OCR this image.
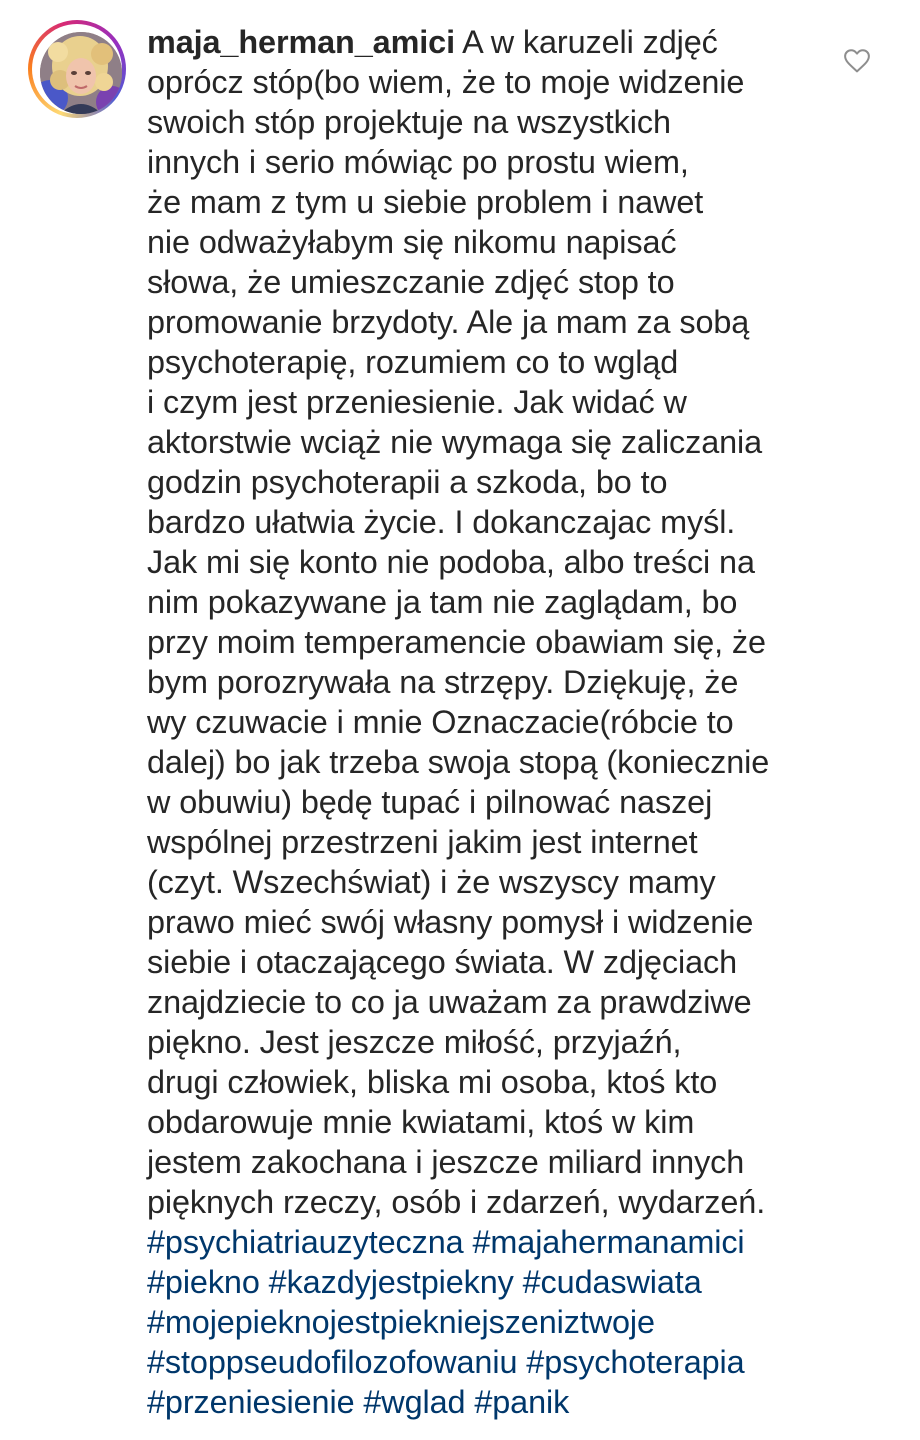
maja_herman_amici A w karuzeli zdjęć
oprócz stóp(bo wiem, że to moje widzenie
swoich stóp projektuje na wszystkich
innych i serio mówiąc po prostu wiem,
że mam z tym u siebie problem i nawet
nie odważyłabym się nikomu napisać
słowa, że umieszczanie zdjęć stop to
promowanie brzydoty. Ale ja mam za sobą
psychoterapię, rozumiem co to wgląd
i czym jest przeniesienie. Jak widać w
aktorstwie wciąż nie wymaga się zaliczania
godzin psychoterapii a szkoda, bo to
bardzo ułatwia życie. I dokanczajac myśl.
Jak mi się konto nie podoba, albo treści na
nim pokazywane ja tam nie zaglądam, bo
przy moim temperamencie obawiam się, że
bym porozrywała na strzępy. Dziękuję, że
wy czuwacie i mnie Oznaczacie(róbcie to
dalej) bo jak trzeba swoja stopą (koniecznie
w obuwiu) będę tupać i pilnować naszej
wspólnej przestrzeni jakim jest internet
(czyt. Wszechświat) i że wszyscy mamy
prawo mieć swój własny pomysł i widzenie
siebie i otaczającego świata. W zdjęciach
znajdziecie to co ja uważam za prawdziwe
piękno. Jest jeszcze miłość, przyjaźń,
drugi człowiek, bliska mi osoba, ktoś kto
obdarowuje mnie kwiatami, ktoś w kim
jestem zakochana i jeszcze miliard innych
pięknych rzeczy, osób i zdarzeń, wydarzeń.
#psychiatriauzyteczna #majahermanamici
#piekno #kazdyjestpiekny #cudaswiata
#mojepieknojestpiekniejszeniztwoje
#stoppseudofilozofowaniu #psychoterapia
#przeniesienie #wglad #panik
